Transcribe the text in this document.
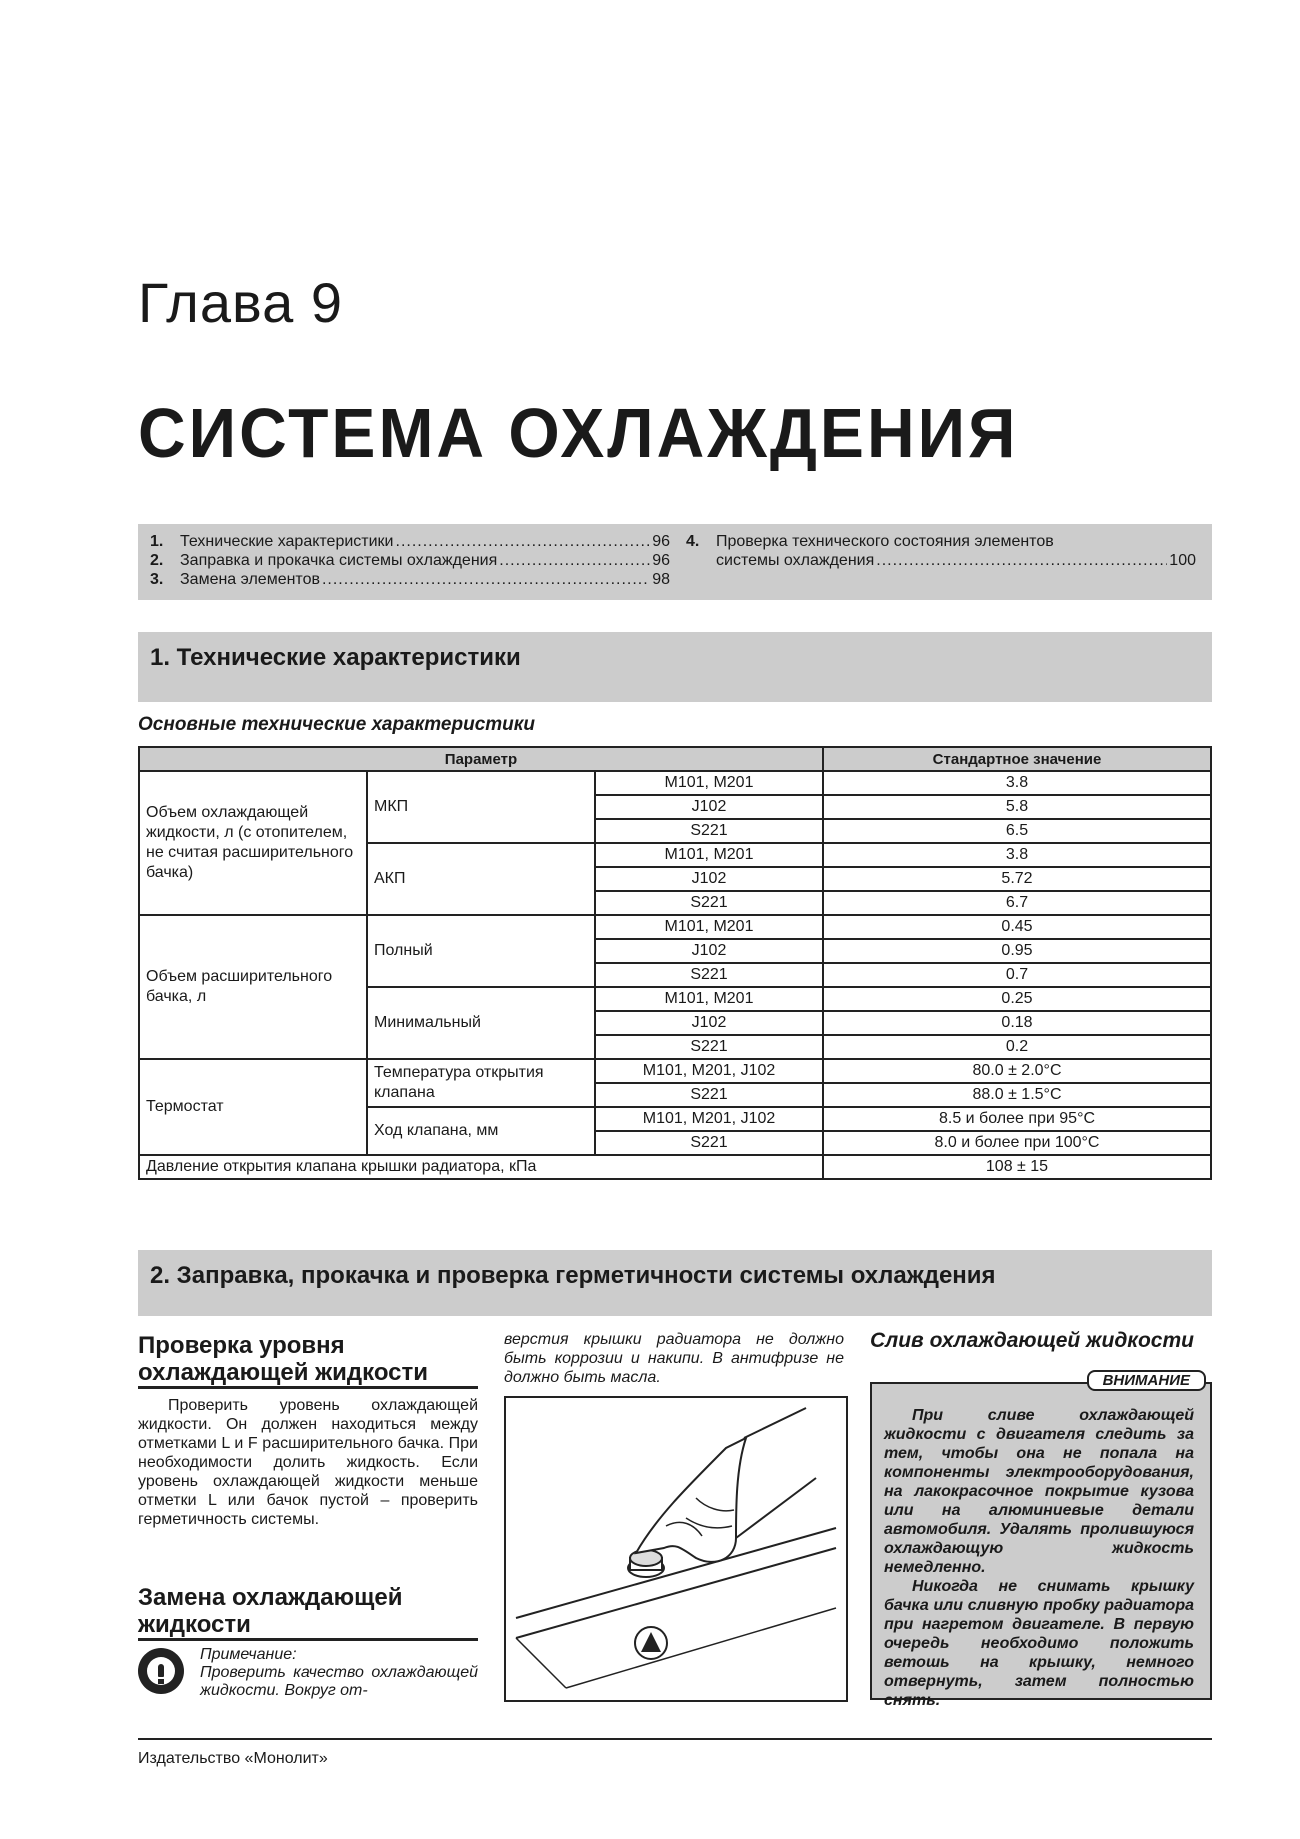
Глава 9
СИСТЕМА ОХЛАЖДЕНИЯ
1.	Технические характеристики .....	96
2.	Заправка и прокачка системы охлаждения .....	96
3.	Замена элементов .....	98
4.	Проверка технического состояния элементов
системы охлаждения .....	100
1. Технические характеристики
Основные технические характеристики
Параметр			Стандартное значение
Объем охлаждающей жидкости, л (с отопителем, не считая расширительного бачка)	МКП	M101, M201	3.8
		J102	5.8
		S221	6.5
	АКП	M101, M201	3.8
		J102	5.72
		S221	6.7
Объем расширительного бачка, л	Полный	M101, M201	0.45
		J102	0.95
		S221	0.7
	Минимальный	M101, M201	0.25
		J102	0.18
		S221	0.2
Термостат	Температура открытия клапана	M101, M201, J102	80.0 ± 2.0°C
		S221	88.0 ± 1.5°C
	Ход клапана, мм	M101, M201, J102	8.5 и более при 95°C
		S221	8.0 и более при 100°C
Давление открытия клапана крышки радиатора, кПа			108 ± 15
2. Заправка, прокачка и проверка герметичности системы охлаждения
Проверка уровня охлаждающей жидкости
Проверить уровень охлаждающей жидкости. Он должен находиться между отметками L и F расширительного бачка. При необходимости долить жидкость. Если уровень охлаждающей жидкости меньше отметки L или бачок пустой – проверить герметичность системы.
Замена охлаждающей жидкости
Примечание:
Проверить качество охлаждающей жидкости. Вокруг от-
верстия крышки радиатора не должно быть коррозии и накипи. В антифризе не должно быть масла.
Слив охлаждающей жидкости
ВНИМАНИЕ

При сливе охлаждающей жидкости с двигателя следить за тем, чтобы она не попала на компоненты электрооборудования, на лакокрасочное покрытие кузова или на алюминиевые детали автомобиля. Удалять пролившуюся охлаждающую жидкость немедленно.

Никогда не снимать крышку бачка или сливную пробку радиатора при нагретом двигателе. В первую очередь необходимо положить ветошь на крышку, немного отвернуть, затем полностью снять.

Издательство «Монолит»
